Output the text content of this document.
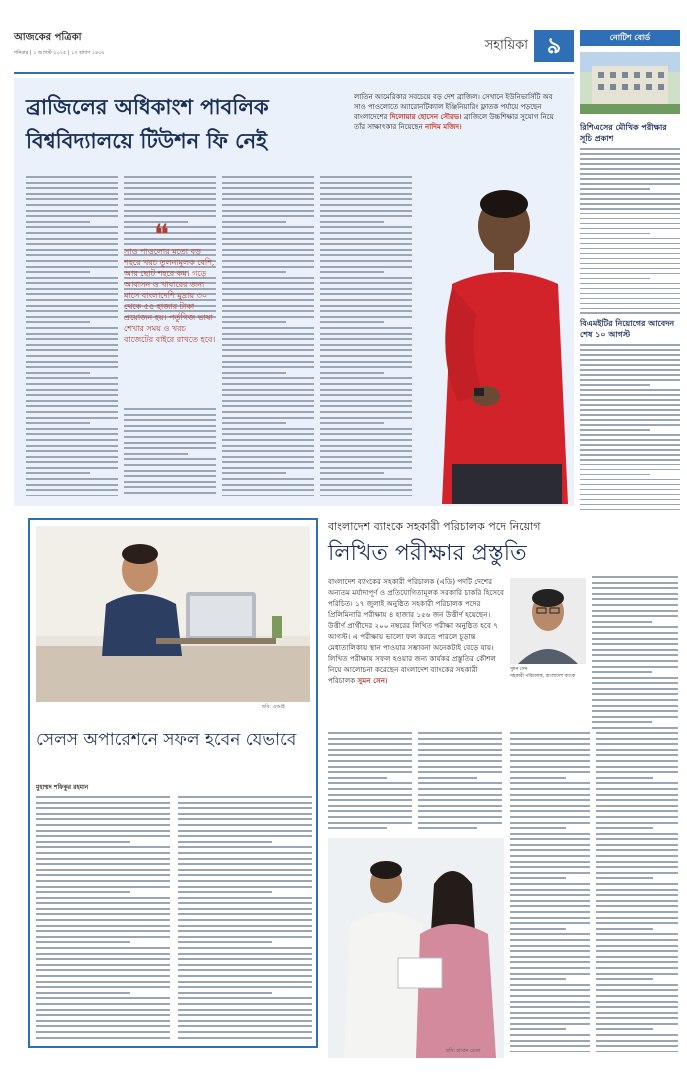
আজকের পত্রিকা
শনিবার | ১ আগস্ট ২০২৫ | ১৭ শ্রাবণ ১৪৩২	সহায়িকা ৯
ব্রাজিলের অধিকাংশ পাবলিক বিশ্ববিদ্যালয়ে টিউশন ফি নেই
লাতিন আমেরিকার সবচেয়ে বড় দেশ ব্রাজিল। সেখানে ইউনিভার্সিটি অব সাও পাওলোতে অ্যারোনটিক্যাল ইঞ্জিনিয়ারিং ফ্লাতক পর্যায়ে পড়ছেন বাংলাদেশের দিলোয়ার হোসেন সৌরভ। ব্রাজিলে উচ্চশিক্ষার সুযোগ নিয়ে তাঁর সাক্ষাৎকার নিয়েছেন নাদিম মজিদ।
❝
সাও পাওলোর মতো বড় শহরে খরচ তুলনামূলক বেশি, আর ছোট শহরে কম। গড়ে আবাসন ও খাবারের জন্য মাসে বাংলাদেশি মুদ্রায় ৩০ থেকে ৫৫ হাজার টাকা প্রয়োজন হয়। পর্তুগিজ ভাষা শেখার সময় ও খরচ বাজেটের বাইরে রাখতে হবে।
নোটিশ বোর্ড
রিশিএসের মৌখিক পরীক্ষার সূচি প্রকাশ
বিএমইটির নিয়োগের আবেদন শেষ ১০ আগস্ট
ছবি: এআই
সেলস অপারেশনে সফল হবেন যেভাবে
মুহাম্মদ শফিকুর রহমান
বাংলাদেশ ব্যাংকে সহকারী পরিচালক পদে নিয়োগ
লিখিত পরীক্ষার প্রস্তুতি
বাংলাদেশ ব্যাংকের সহকারী পরিচালক (এডি) পদটি দেশের অন্যতম মর্যাদাপূর্ণ ও প্রতিযোগিতামূলক সরকারি চাকরি হিসেবে পরিচিত। ১৭ জুলাই অনুষ্ঠিত সহকারী পরিচালক পদের প্রিলিমিনারি পরীক্ষায় ৪ হাজার ১৫৬ জন উত্তীর্ণ হয়েছেন। উত্তীর্ণ প্রার্থীদের ২০০ নম্বরের লিখিত পরীক্ষা অনুষ্ঠিত হবে ৭ আগস্ট। এ পরীক্ষায় ভালো ফল করতে পারলে চূড়ান্ত মেধাতালিকায় স্থান পাওয়ার সম্ভাবনা অনেকটাই বেড়ে যায়। লিখিত পরীক্ষায় সফল হওয়ার জন্য কার্যকর প্রস্তুতির কৌশল নিয়ে আলোচনা করেছেন বাংলাদেশ ব্যাংকের সহকারী পরিচালক সুমন সেন।
সুমন সেন
সহকারী পরিচালক, বাংলাদেশ ব্যাংক
ছবি: হাসান রেজা
